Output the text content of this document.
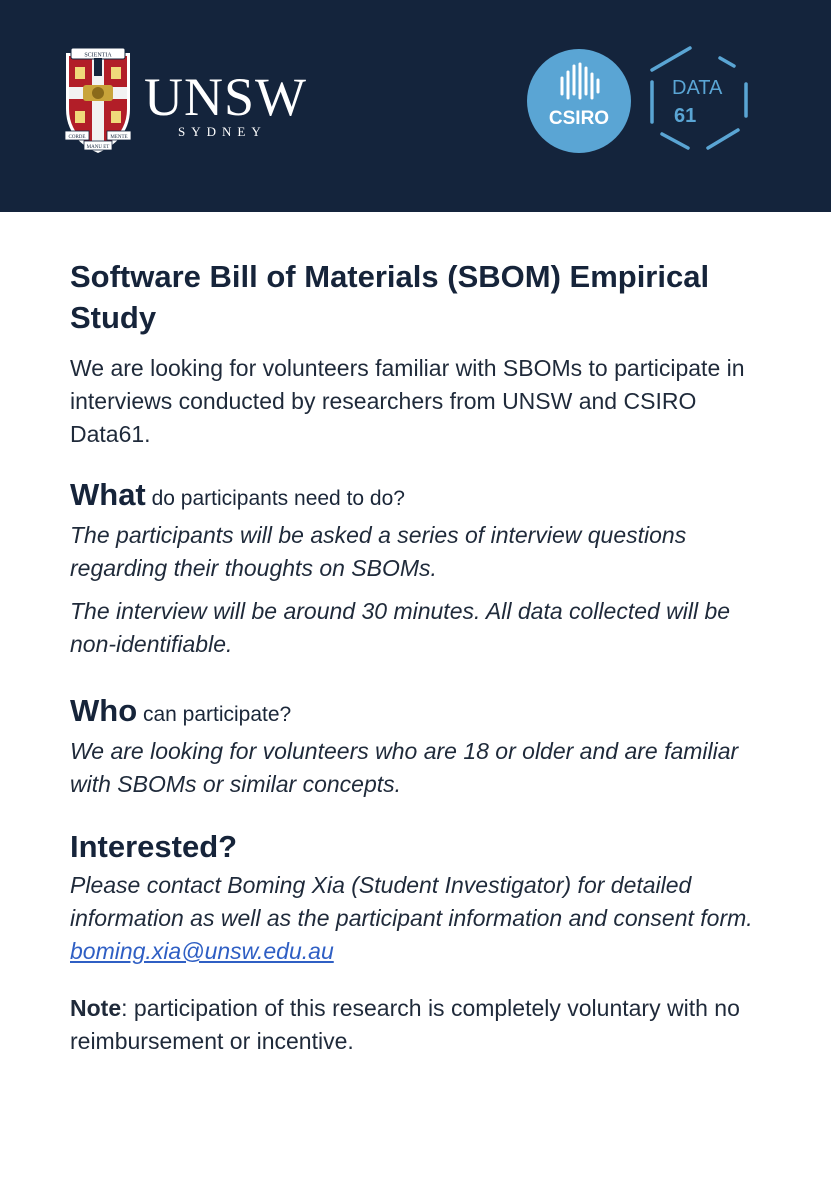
SCIENTIA
CORDE
MANU ET
MENTE
UNSW
SYDNEY
CSIRO
DATA
61
Software Bill of Materials (SBOM) Empirical Study

We are looking for volunteers familiar with SBOMs to participate in interviews conducted by researchers from UNSW and CSIRO Data61.

What do participants need to do?

The participants will be asked a series of interview questions regarding their thoughts on SBOMs.

The interview will be around 30 minutes. All data collected will be non-identifiable.

Who can participate?

We are looking for volunteers who are 18 or older and are familiar with SBOMs or similar concepts.

Interested?

Please contact Boming Xia (Student Investigator) for detailed information as well as the participant information and consent form.

boming.xia@unsw.edu.au

Note: participation of this research is completely voluntary with no reimbursement or incentive.
